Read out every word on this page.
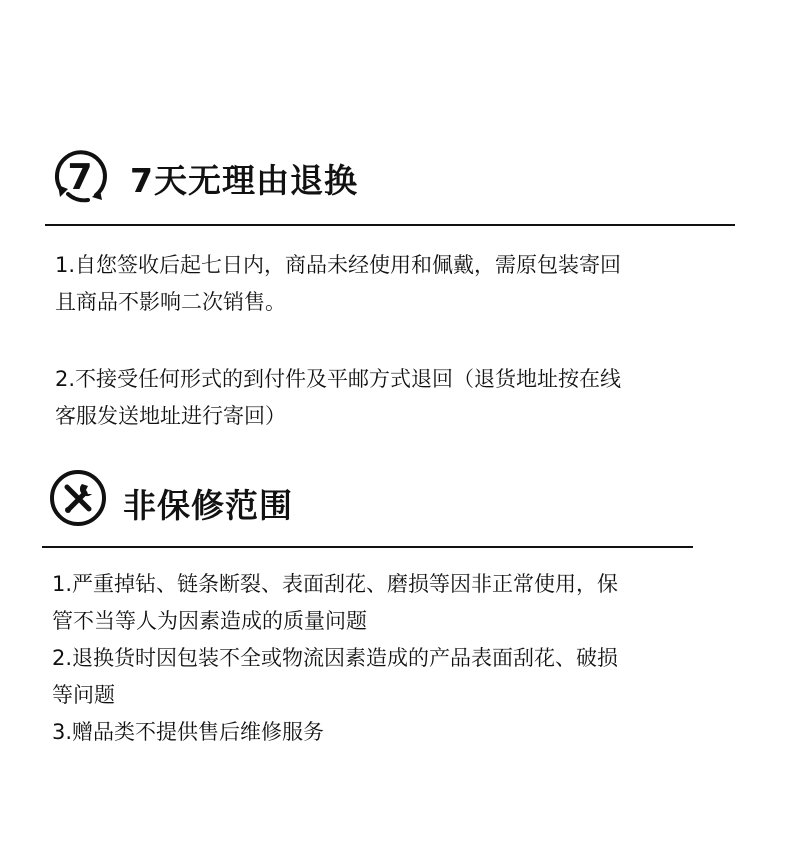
7 7天无理由退换
1.自您签收后起七日内，商品未经使用和佩戴，需原包装寄回
且商品不影响二次销售。
2.不接受任何形式的到付件及平邮方式退回（退货地址按在线
客服发送地址进行寄回）
非保修范围
1.严重掉钻、链条断裂、表面刮花、磨损等因非正常使用，保
管不当等人为因素造成的质量问题
2.退换货时因包装不全或物流因素造成的产品表面刮花、破损
等问题
3.赠品类不提供售后维修服务
